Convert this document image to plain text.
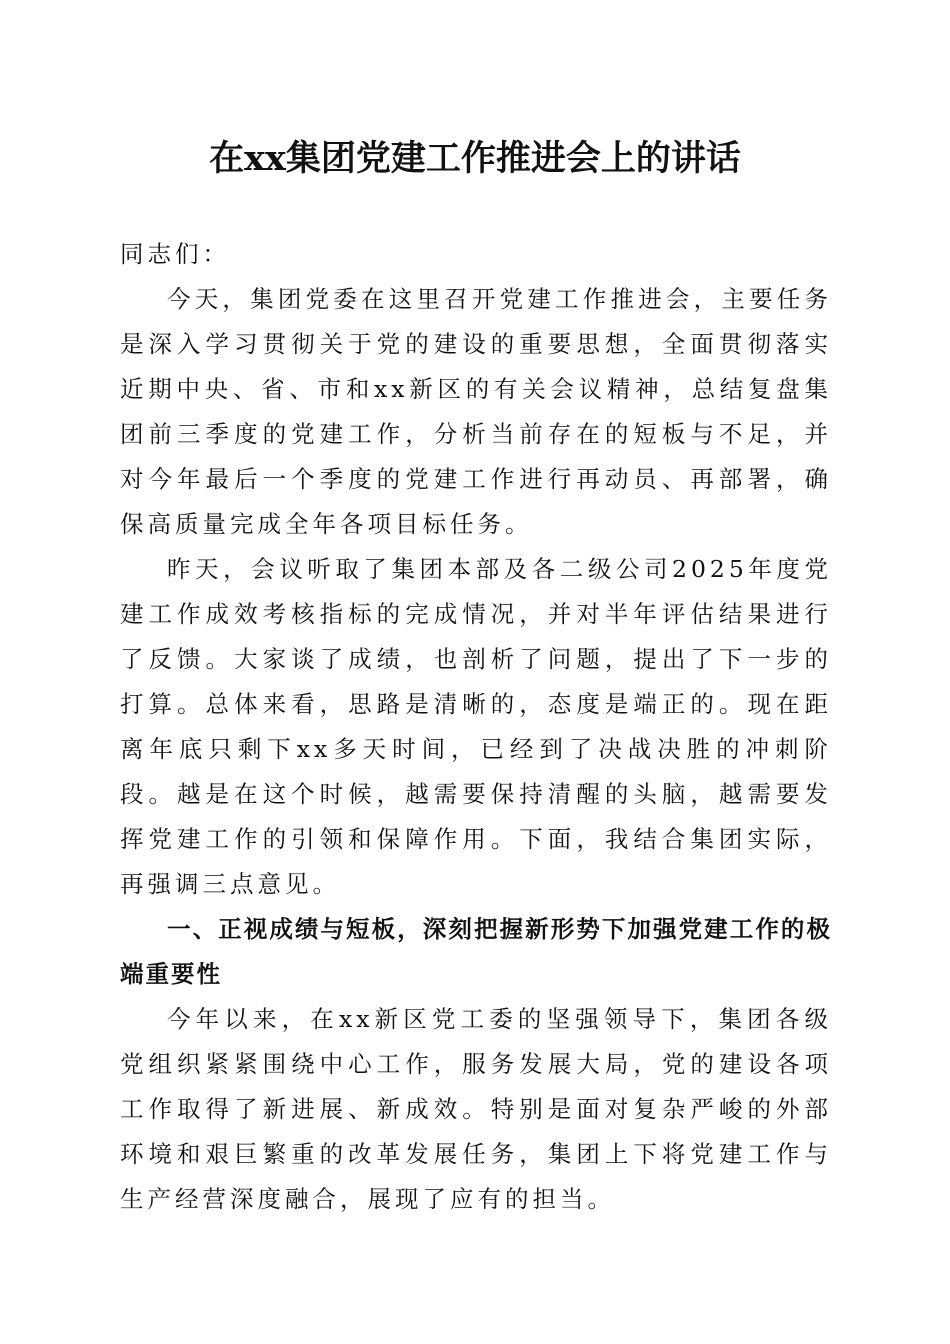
在xx集团党建工作推进会上的讲话

同志们：

今天，集团党委在这里召开党建工作推进会，主要任务是深入学习贯彻关于党的建设的重要思想，全面贯彻落实近期中央、省、市和xx新区的有关会议精神，总结复盘集团前三季度的党建工作，分析当前存在的短板与不足，并对今年最后一个季度的党建工作进行再动员、再部署，确保高质量完成全年各项目标任务。

昨天，会议听取了集团本部及各二级公司2025年度党建工作成效考核指标的完成情况，并对半年评估结果进行了反馈。大家谈了成绩，也剖析了问题，提出了下一步的打算。总体来看，思路是清晰的，态度是端正的。现在距离年底只剩下xx多天时间，已经到了决战决胜的冲刺阶段。越是在这个时候，越需要保持清醒的头脑，越需要发挥党建工作的引领和保障作用。下面，我结合集团实际，再强调三点意见。

一、正视成绩与短板，深刻把握新形势下加强党建工作的极端重要性

今年以来，在xx新区党工委的坚强领导下，集团各级党组织紧紧围绕中心工作，服务发展大局，党的建设各项工作取得了新进展、新成效。特别是面对复杂严峻的外部环境和艰巨繁重的改革发展任务，集团上下将党建工作与生产经营深度融合，展现了应有的担当。
